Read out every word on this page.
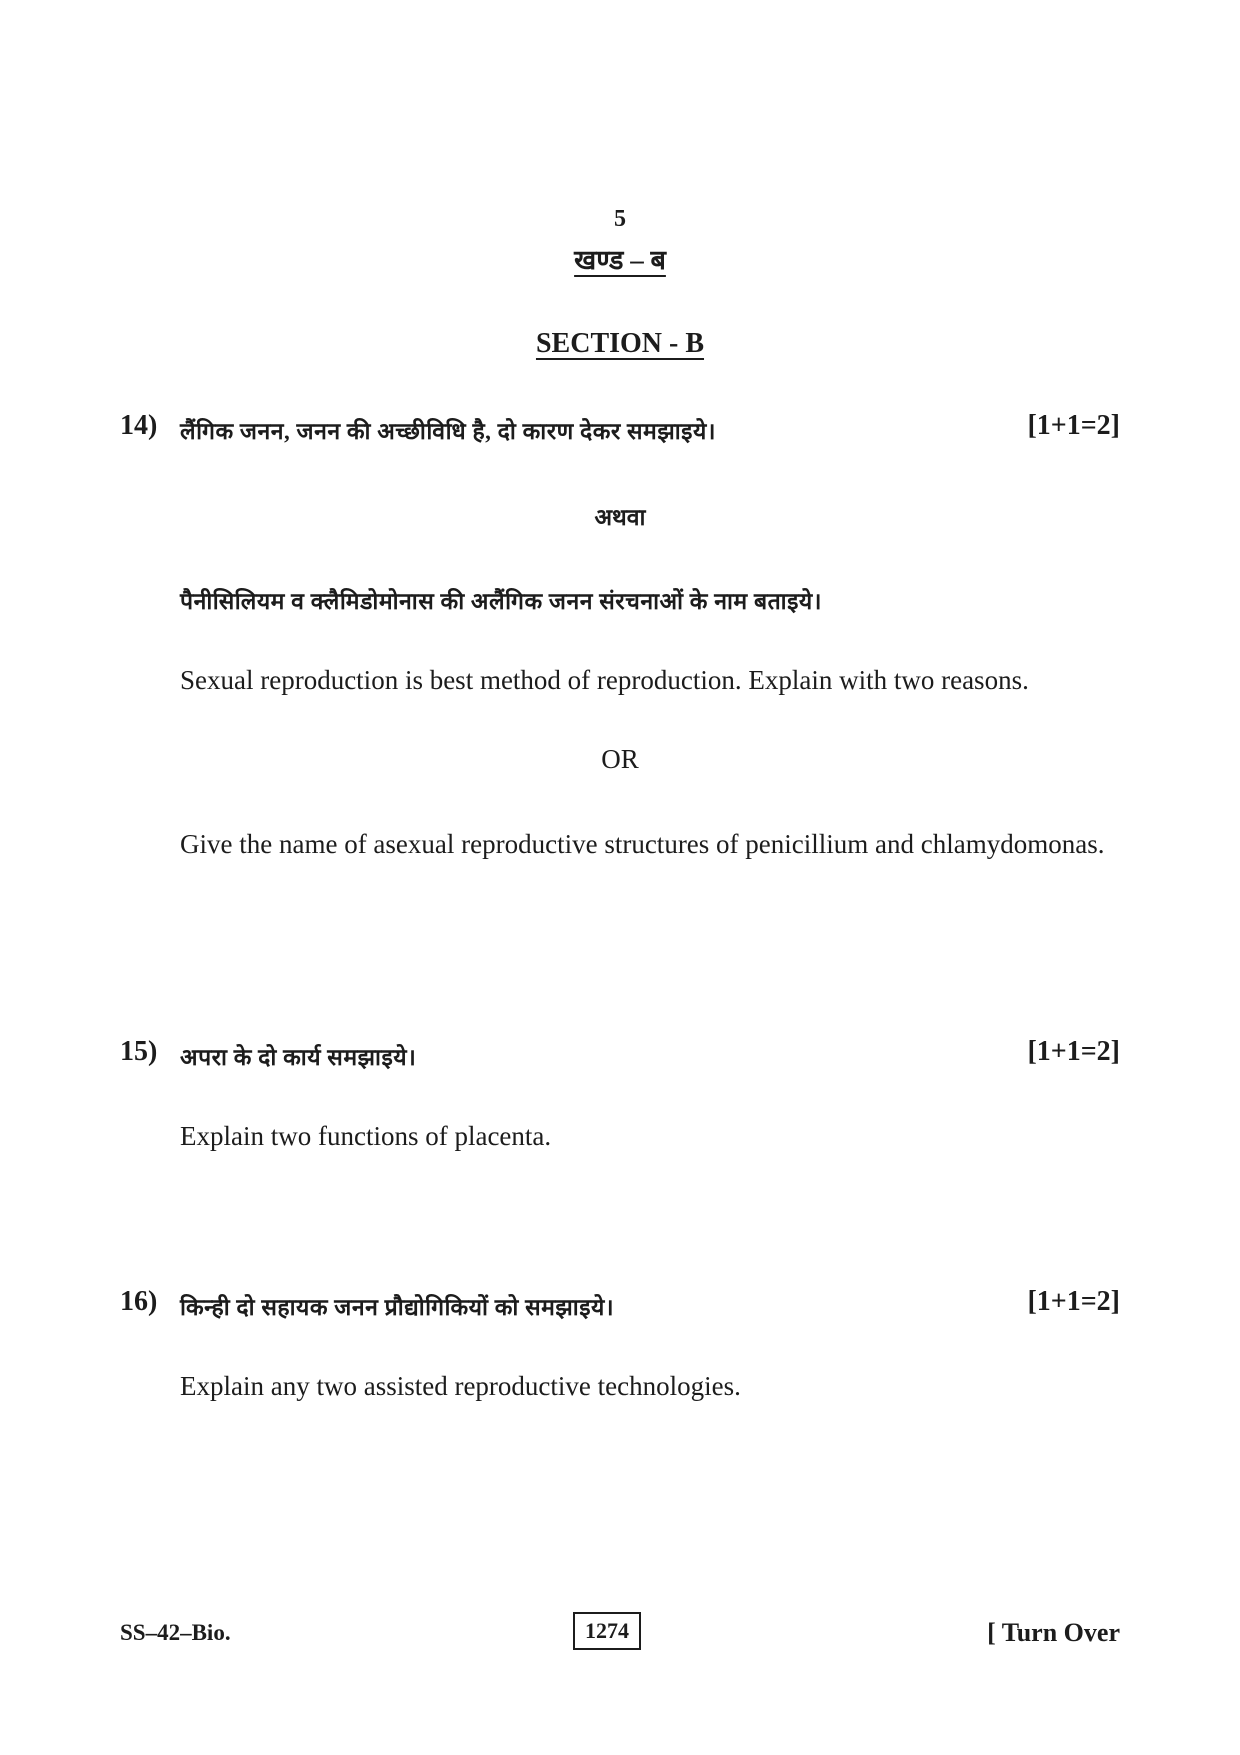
5
खण्ड – ब
SECTION - B
14) लैंगिक जनन, जनन की अच्छीविधि है, दो कारण देकर समझाइये।	[1+1=2]
अथवा
पैनीसिलियम व क्लैमिडोमोनास की अलैंगिक जनन संरचनाओं के नाम बताइये।
Sexual reproduction is best method of reproduction. Explain with two reasons.
OR
Give the name of asexual reproductive structures of penicillium and chlamydomonas.
15) अपरा के दो कार्य समझाइये।	[1+1=2]
Explain two functions of placenta.
16) किन्ही दो सहायक जनन प्रौद्योगिकियों को समझाइये।	[1+1=2]
Explain any two assisted reproductive technologies.
SS–42–Bio.	1274	[ Turn Over
